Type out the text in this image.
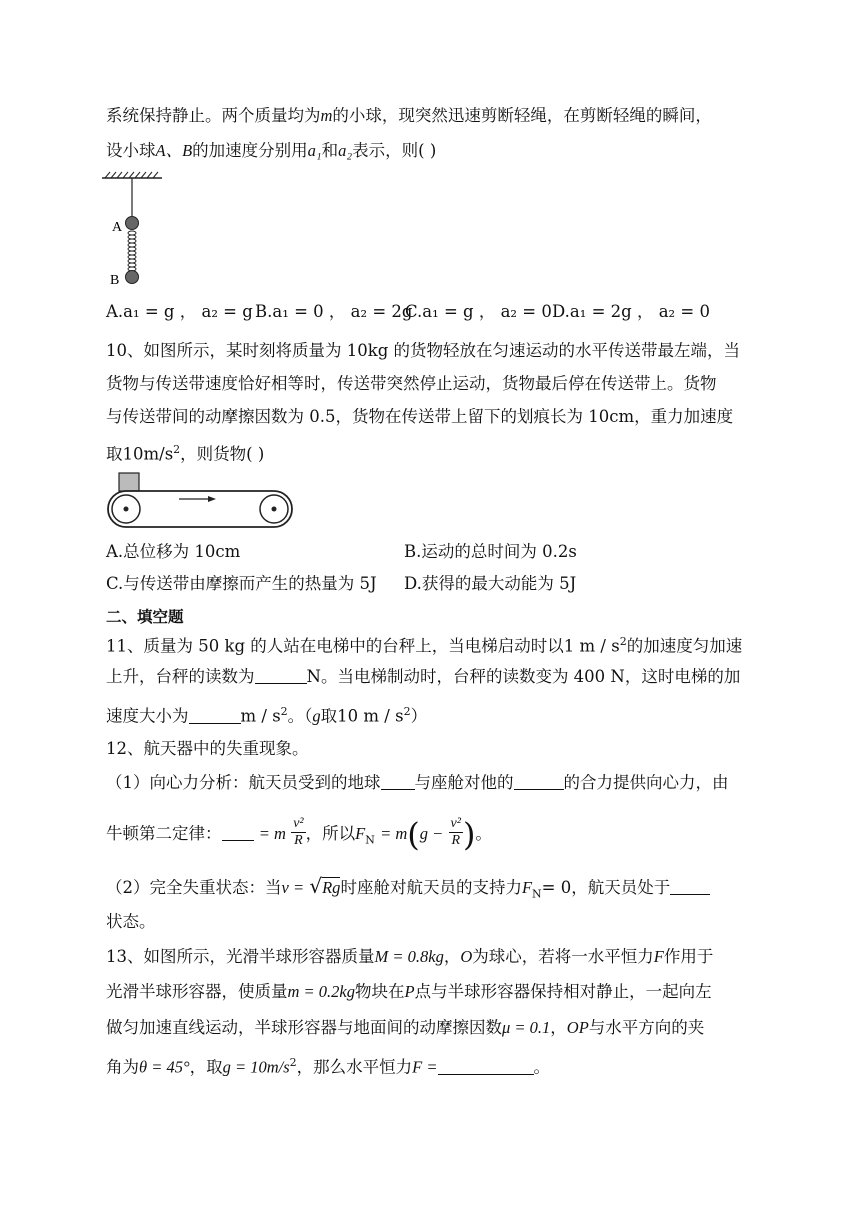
系统保持静止。两个质量均为m的小球，现突然迅速剪断轻绳，在剪断轻绳的瞬间，
设小球A、B的加速度分别用a₁和a₂表示，则( )
A
B
A.a₁ = g ， a₂ = g B.a₁ = 0 ， a₂ = 2g
C.a₁ = g ， a₂ = 0 D.a₁ = 2g ， a₂ = 0
10、如图所示，某时刻将质量为 10kg 的货物轻放在匀速运动的水平传送带最左端，当
货物与传送带速度恰好相等时，传送带突然停止运动，货物最后停在传送带上。货物
与传送带间的动摩擦因数为 0.5，货物在传送带上留下的划痕长为 10cm，重力加速度
取$10m/s^2$，则货物( )
A.总位移为 10cm	B.运动的总时间为 0.2s
C.与传送带由摩擦而产生的热量为 5J D.获得的最大动能为 5J
二、填空题
11、质量为 50 kg 的人站在电梯中的台秤上，当电梯启动时以1 m / $s^2$的加速度匀加速
上升，台秤的读数为	N。当电梯制动时，台秤的读数变为 400 N，这时电梯的加
速度大小为	m / $s^2$。（g取10 m / $s^2$）
12、航天器中的失重现象。
（1）向心力分析：航天员受到的地球 与座舱对他的	的合力提供向心力，由
牛顿第二定律： = m $\frac{\text{v²}}{R}$ ，所以$F_N = m(g - \frac{\text{v²}}{R}$ )。
（2）完全失重状态：当v = √Rg时座舱对航天员的支持力$F_N= 0$，航天员处于
状态。
13、如图所示，光滑半球形容器质量M = 0.8kg，O为球心，若将一水平恒力F作用于
光滑半球形容器，使质量m = 0.2kg物块在P点与半球形容器保持相对静止，一起向左
做匀加速直线运动，半球形容器与地面间的动摩擦因数μ = 0.1，OP与水平方向的夹
角为θ = 45°，取$g = 10m/s^2$，那么水平恒力F =	。
